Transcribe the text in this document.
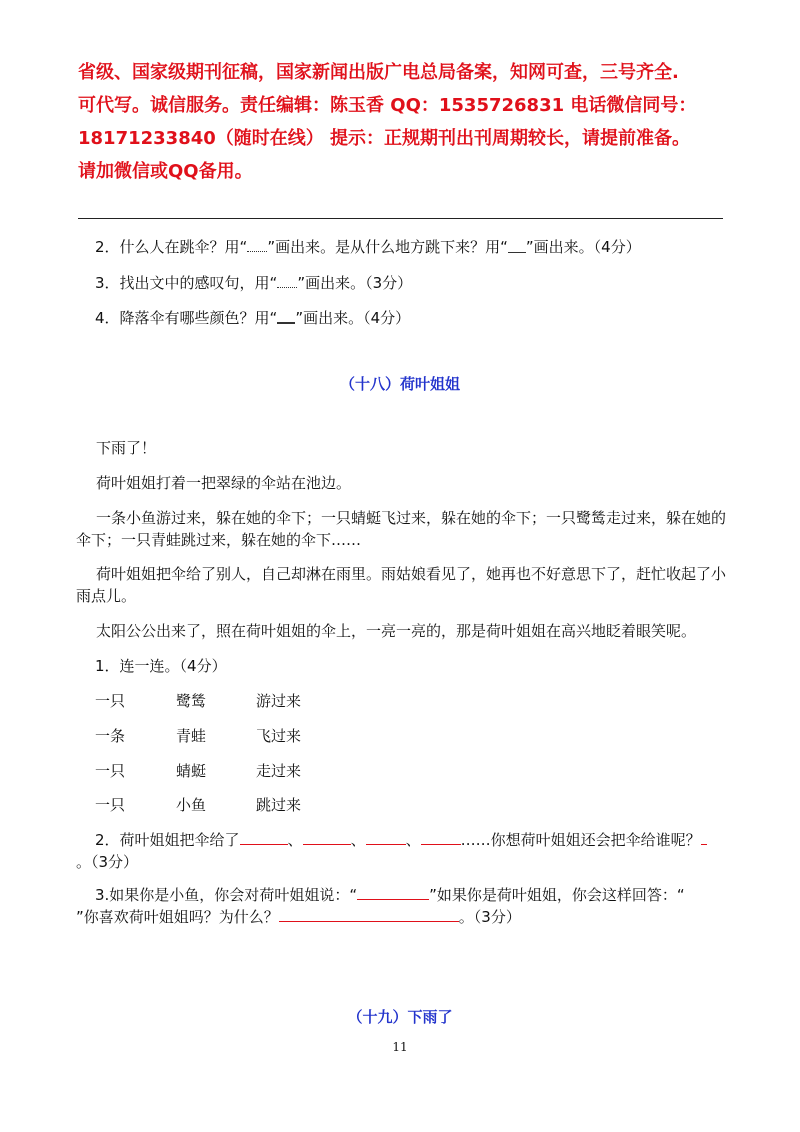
省级、国家级期刊征稿，国家新闻出版广电总局备案，知网可查，三号齐全.
可代写。诚信服务。责任编辑：陈玉香 QQ：1535726831 电话微信同号：
18171233840（随时在线） 提示：正规期刊出刊周期较长，请提前准备。
请加微信或QQ备用。
2．什么人在跳伞？用“ ”画出来。是从什么地方跳下来？用“ ”画出来。（4分）
3．找出文中的感叹句，用“ ”画出来。（3分）
4．降落伞有哪些颜色？用“ ”画出来。（4分）
（十八）荷叶姐姐
下雨了！
荷叶姐姐打着一把翠绿的伞站在池边。
一条小鱼游过来，躲在她的伞下；一只蜻蜓飞过来，躲在她的伞下；一只鹭鸶走过来，躲在她的伞下；一只青蛙跳过来，躲在她的伞下……
荷叶姐姐把伞给了别人，自己却淋在雨里。雨姑娘看见了，她再也不好意思下了，赶忙收起了小雨点儿。
太阳公公出来了，照在荷叶姐姐的伞上，一亮一亮的，那是荷叶姐姐在高兴地眨着眼笑呢。
1．连一连。（4分）
一只	鹭鸶	游过来
一条	青蛙	飞过来
一只	蜻蜓	走过来
一只	小鱼	跳过来
2．荷叶姐姐把伞给了	、	、	、	……你想荷叶姐姐还会把伞给谁呢？
。（3分）
3.如果你是小鱼，你会对荷叶姐姐说：“	”如果你是荷叶姐姐，你会这样回答：“
”你喜欢荷叶姐姐吗？为什么？	。（3分）
（十九）下雨了
11
